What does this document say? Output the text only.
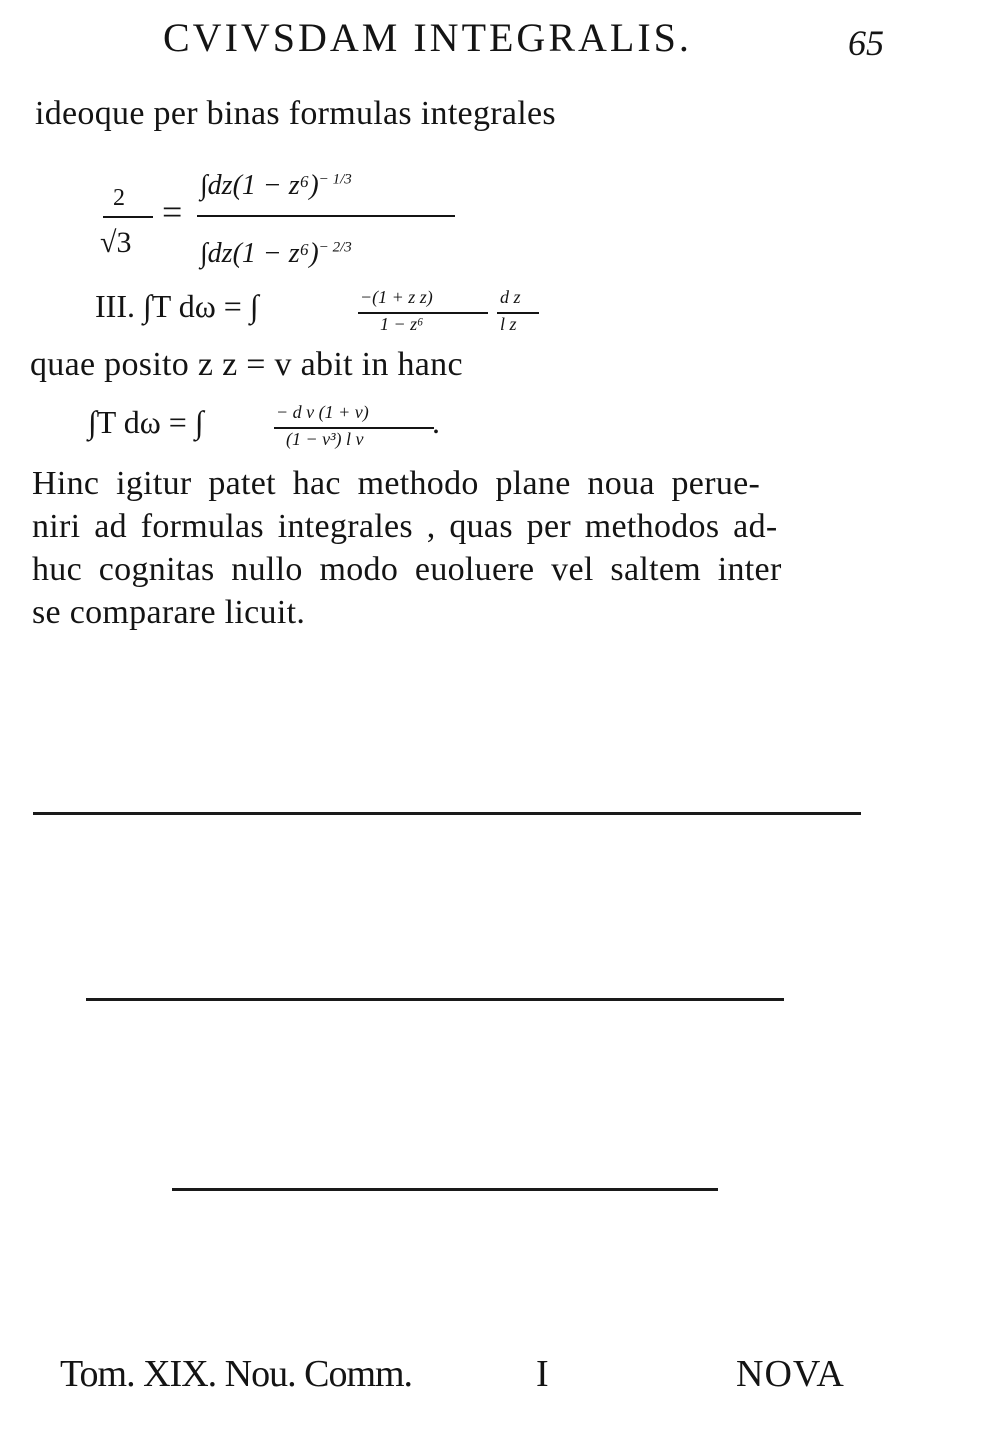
CVIVSDAM INTEGRALIS.	65
ideoque per binas formulas integrales
2
√3
=
$\int dz(1 - z^6)^{- 1/3}$
$\int dz(1 - z^6)^{- 2/3}$
III. ∫T dω = ∫	−(1 + z z)
1 − z⁶
d z
l z
quae posito z z = v abit in hanc
∫T dω = ∫	− d v (1 + v)
(1 − v³) l v .
Hinc igitur patet hac methodo plane noua perue-
niri ad formulas integrales , quas per methodos ad-
huc cognitas nullo modo euoluere vel saltem inter
se comparare licuit.
Tom. XIX. Nou. Comm.	I	NOVA
